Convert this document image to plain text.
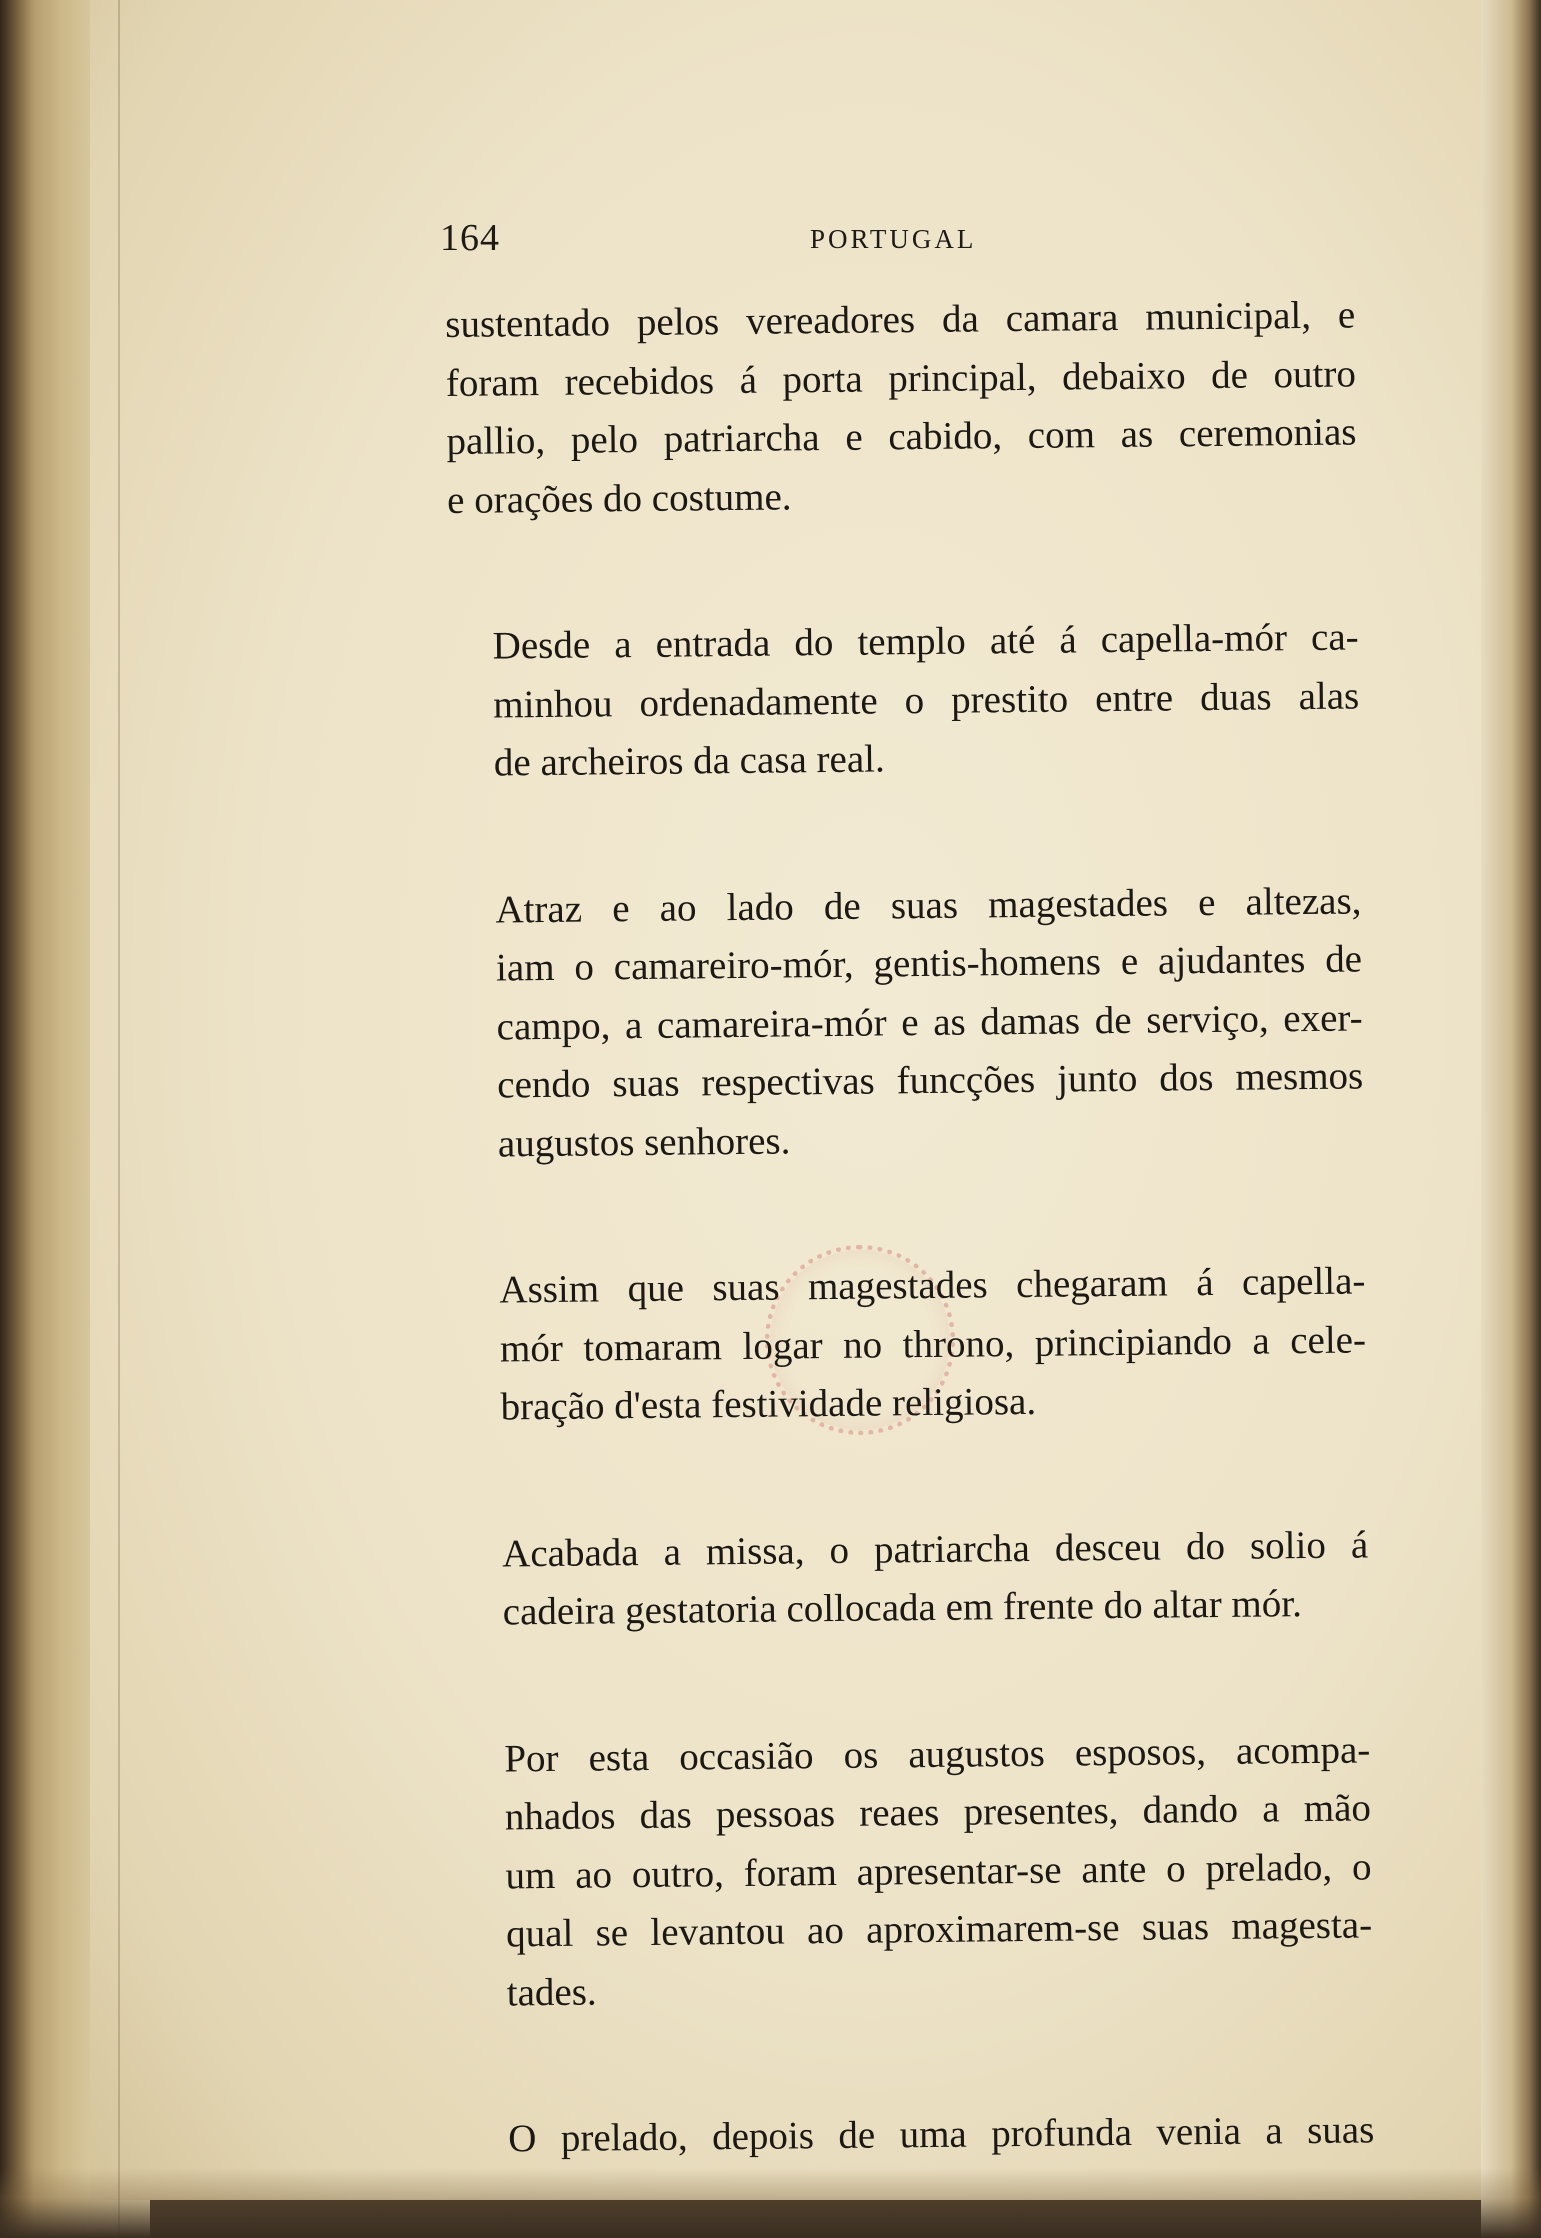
164	PORTUGAL

sustentado pelos vereadores da camara municipal, e
foram recebidos á porta principal, debaixo de outro
pallio, pelo patriarcha e cabido, com as ceremonias
e orações do costume.

Desde a entrada do templo até á capella-mór ca-
minhou ordenadamente o prestito entre duas alas
de archeiros da casa real.

Atraz e ao lado de suas magestades e altezas,
iam o camareiro-mór, gentis-homens e ajudantes de
campo, a camareira-mór e as damas de serviço, exer-
cendo suas respectivas funcções junto dos mesmos
augustos senhores.

Assim que suas magestades chegaram á capella-
mór tomaram logar no throno, principiando a cele-
bração d'esta festividade religiosa.

Acabada a missa, o patriarcha desceu do solio á
cadeira gestatoria collocada em frente do altar mór.

Por esta occasião os augustos esposos, acompa-
nhados das pessoas reaes presentes, dando a mão
um ao outro, foram apresentar-se ante o prelado, o
qual se levantou ao aproximarem-se suas magesta-
tades.

O prelado, depois de uma profunda venia a suas
